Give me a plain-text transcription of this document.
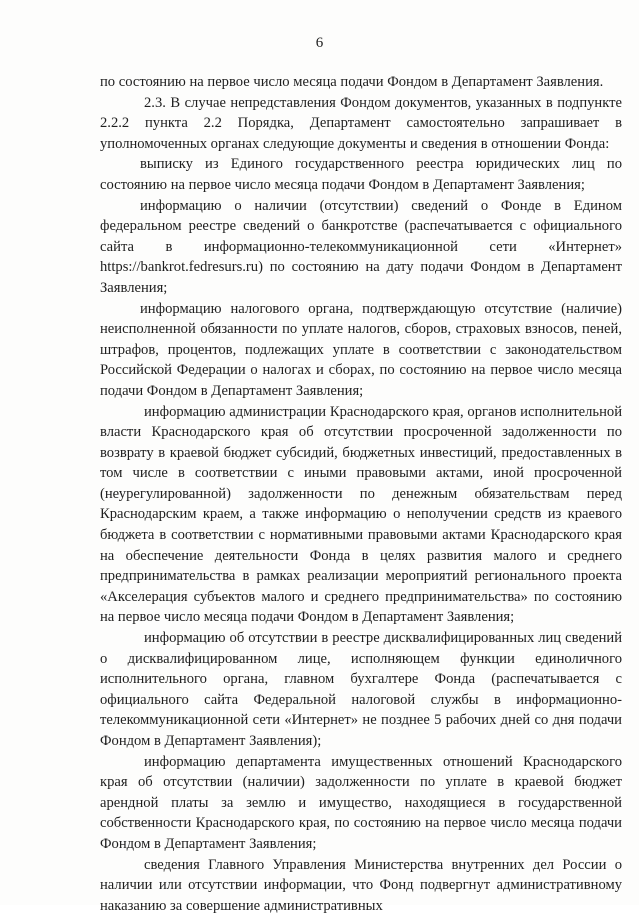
6

по состоянию на первое число месяца подачи Фондом в Департамент Заявления.

2.3. В случае непредставления Фондом документов, указанных в подпункте 2.2.2 пункта 2.2 Порядка, Департамент самостоятельно запрашивает в уполномоченных органах следующие документы и сведения в отношении Фонда:

выписку из Единого государственного реестра юридических лиц по состоянию на первое число месяца подачи Фондом в Департамент Заявления;

информацию о наличии (отсутствии) сведений о Фонде в Едином федеральном реестре сведений о банкротстве (распечатывается с официального сайта в информационно-телекоммуникационной сети «Интернет» https://bankrot.fedresurs.ru) по состоянию на дату подачи Фондом в Департамент Заявления;

информацию налогового органа, подтверждающую отсутствие (наличие) неисполненной обязанности по уплате налогов, сборов, страховых взносов, пеней, штрафов, процентов, подлежащих уплате в соответствии с законодательством Российской Федерации о налогах и сборах, по состоянию на первое число месяца подачи Фондом в Департамент Заявления;

информацию администрации Краснодарского края, органов исполнительной власти Краснодарского края об отсутствии просроченной задолженности по возврату в краевой бюджет субсидий, бюджетных инвестиций, предоставленных в том числе в соответствии с иными правовыми актами, иной просроченной (неурегулированной) задолженности по денежным обязательствам перед Краснодарским краем, а также информацию о неполучении средств из краевого бюджета в соответствии с нормативными правовыми актами Краснодарского края на обеспечение деятельности Фонда в целях развития малого и среднего предпринимательства в рамках реализации мероприятий регионального проекта «Акселерация субъектов малого и среднего предпринимательства» по состоянию на первое число месяца подачи Фондом в Департамент Заявления;

информацию об отсутствии в реестре дисквалифицированных лиц сведений о дисквалифицированном лице, исполняющем функции единоличного исполнительного органа, главном бухгалтере Фонда (распечатывается с официального сайта Федеральной налоговой службы в информационно-телекоммуникационной сети «Интернет» не позднее 5 рабочих дней со дня подачи Фондом в Департамент Заявления);

информацию департамента имущественных отношений Краснодарского края об отсутствии (наличии) задолженности по уплате в краевой бюджет арендной платы за землю и имущество, находящиеся в государственной собственности Краснодарского края, по состоянию на первое число месяца подачи Фондом в Департамент Заявления;

сведения Главного Управления Министерства внутренних дел России о наличии или отсутствии информации, что Фонд подвергнут административному наказанию за совершение административных
